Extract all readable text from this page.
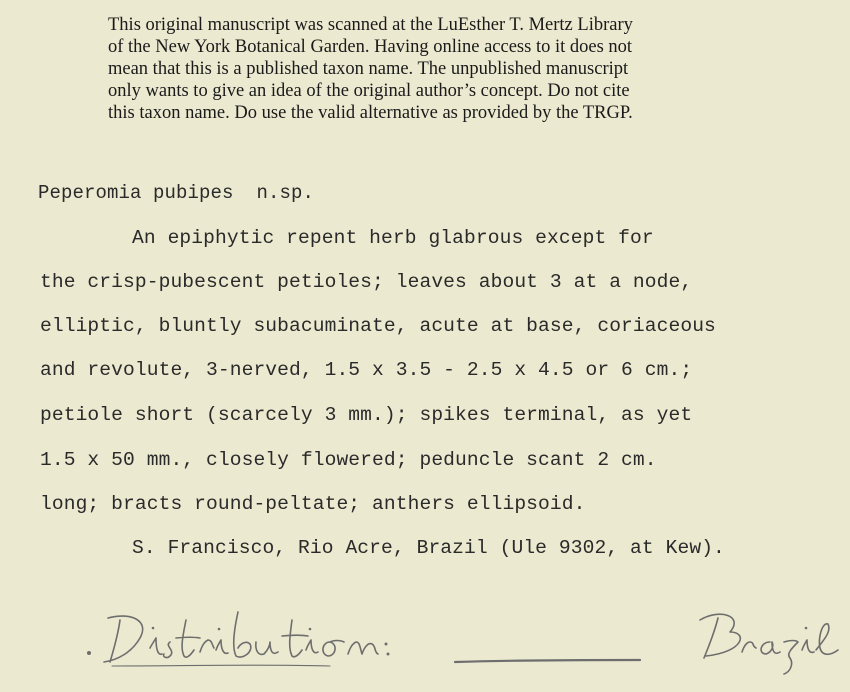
This original manuscript was scanned at the LuEsther T. Mertz Library
of the New York Botanical Garden. Having online access to it does not
mean that this is a published taxon name. The unpublished manuscript
only wants to give an idea of the original author’s concept. Do not cite
this taxon name. Do use the valid alternative as provided by the TRGP.
Peperomia pubipes  n.sp.
An epiphytic repent herb glabrous except for
the crisp-pubescent petioles; leaves about 3 at a node,
elliptic, bluntly subacuminate, acute at base, coriaceous
and revolute, 3-nerved, 1.5 x 3.5 - 2.5 x 4.5 or 6 cm.;
petiole short (scarcely 3 mm.); spikes terminal, as yet
1.5 x 50 mm., closely flowered; peduncle scant 2 cm.
long; bracts round-peltate; anthers ellipsoid.
S. Francisco, Rio Acre, Brazil (Ule 9302, at Kew).
